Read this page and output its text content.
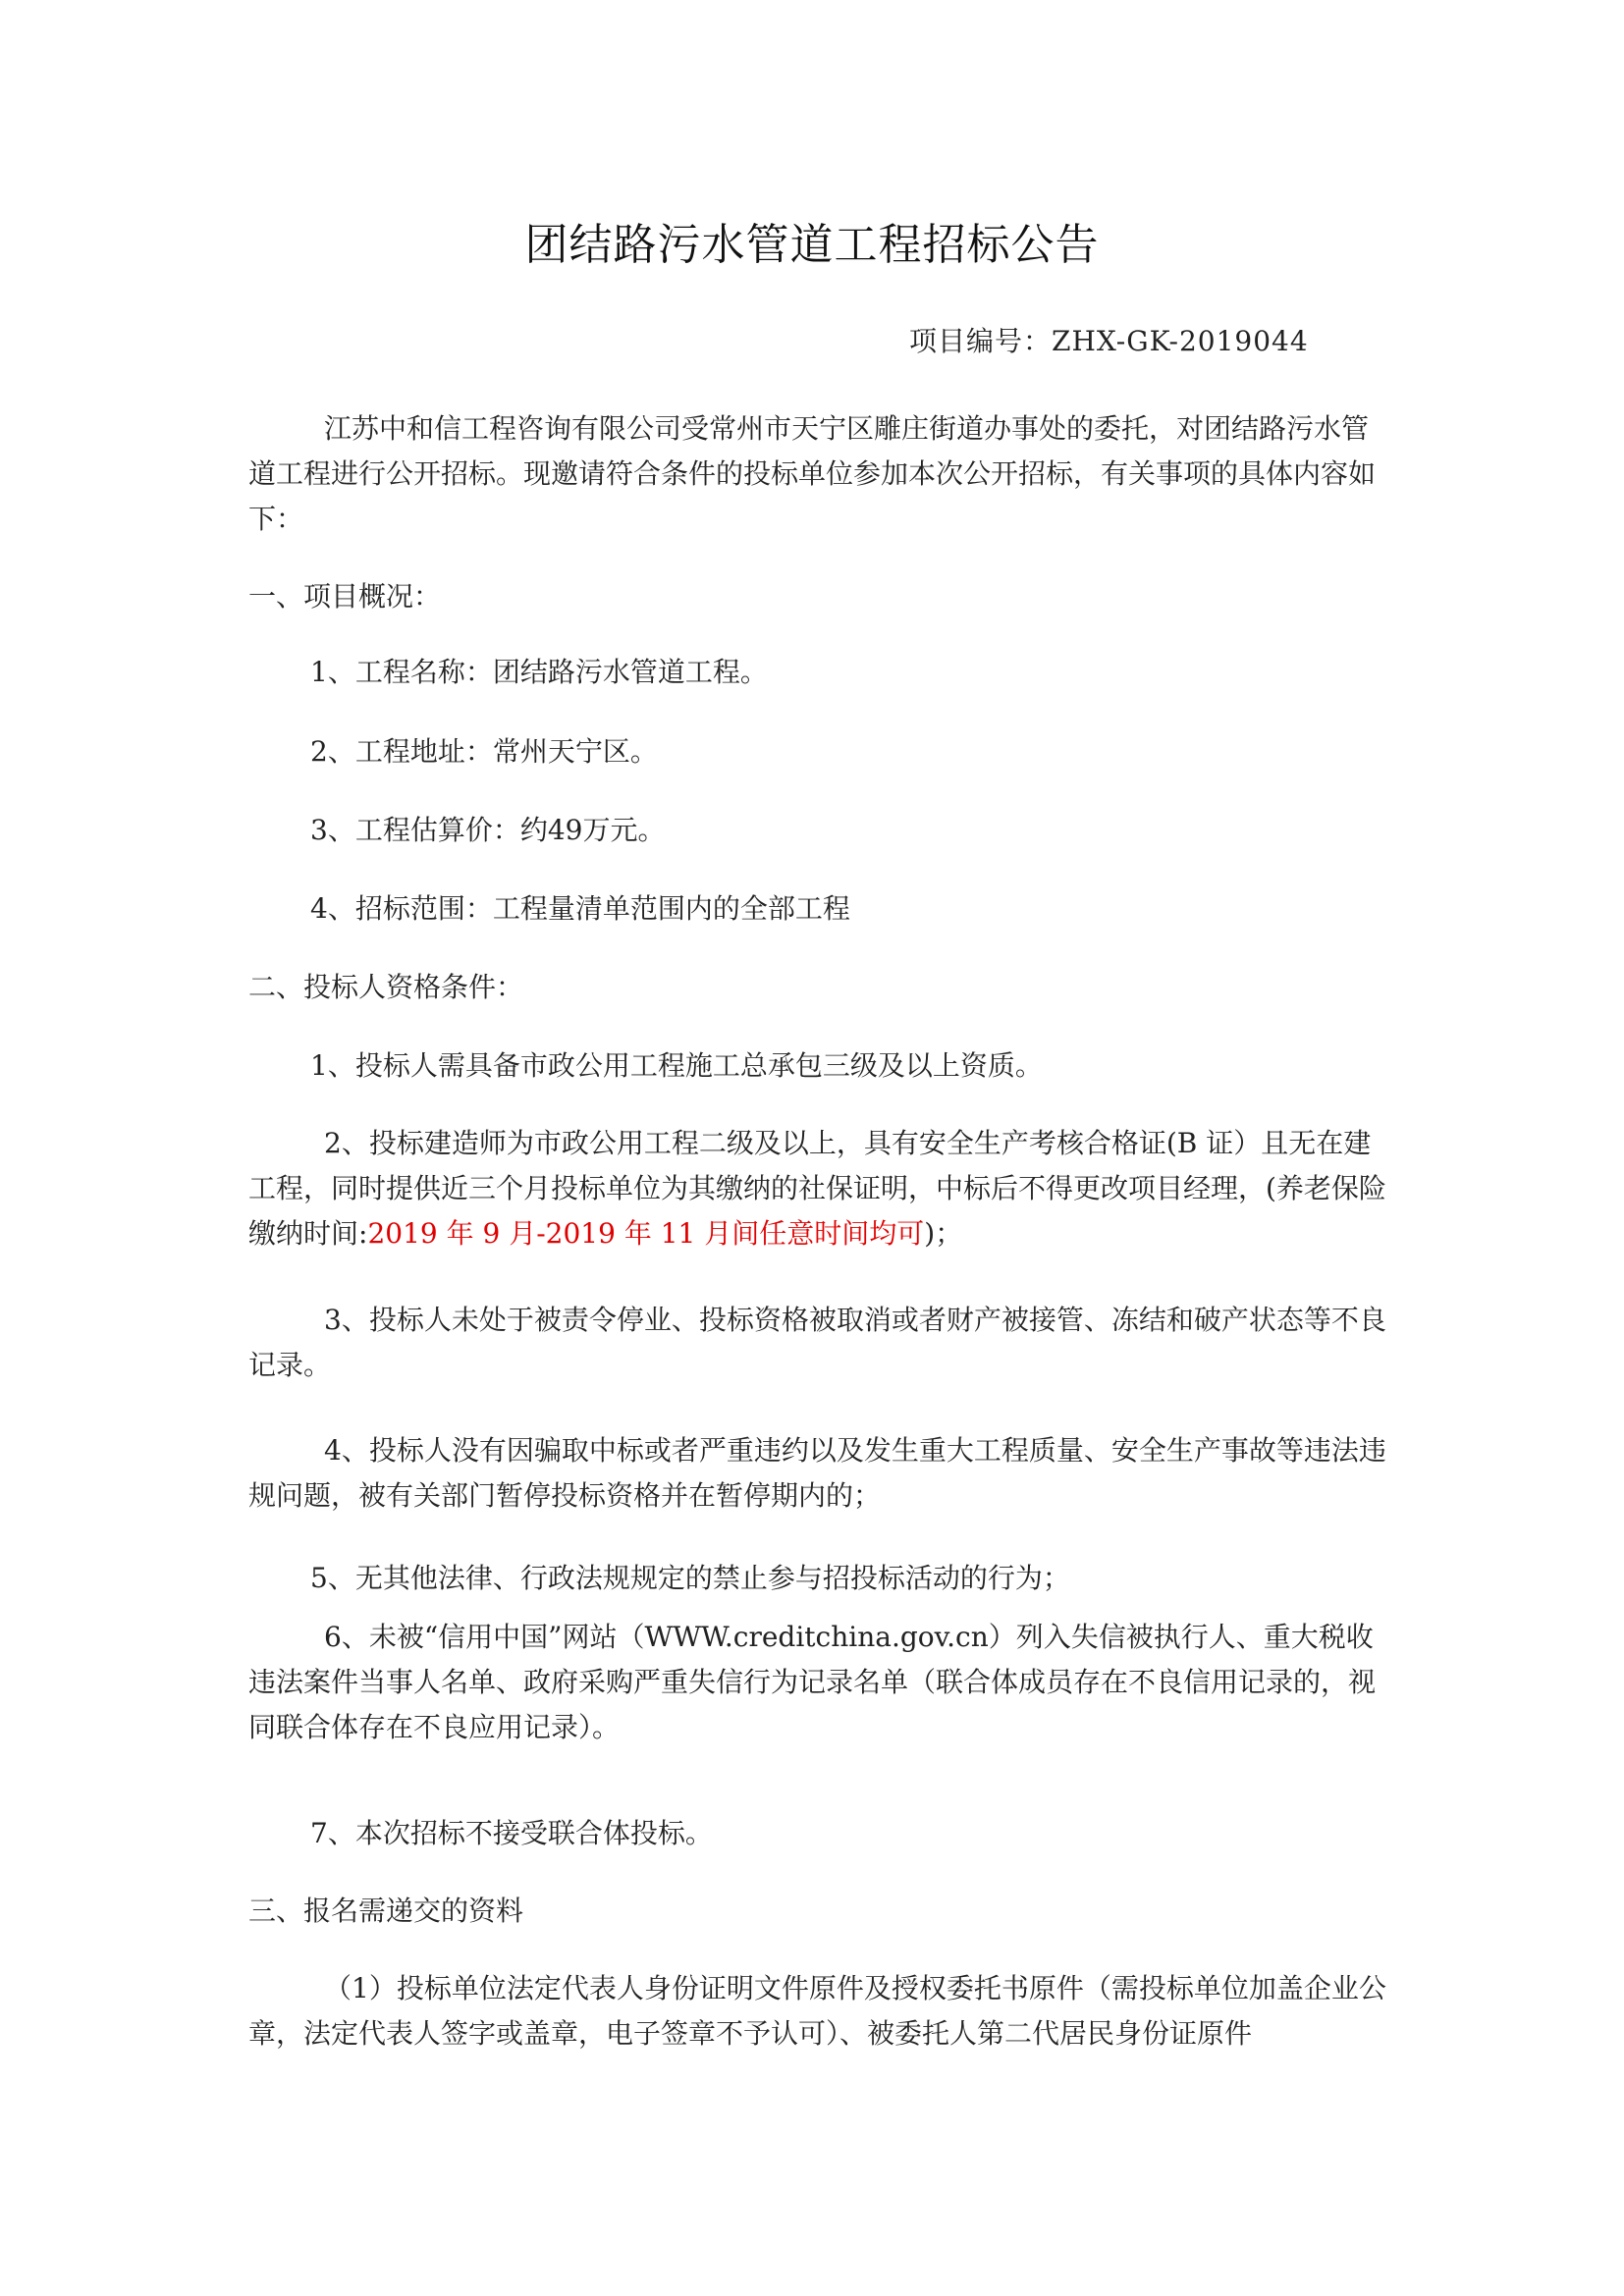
团结路污水管道工程招标公告
项目编号：ZHX-GK-2019044
江苏中和信工程咨询有限公司受常州市天宁区雕庄街道办事处的委托，对团结路污水管道工程进行公开招标。现邀请符合条件的投标单位参加本次公开招标，有关事项的具体内容如下：
一、项目概况：
1、工程名称：团结路污水管道工程。
2、工程地址：常州天宁区。
3、工程估算价：约49万元。
4、招标范围：工程量清单范围内的全部工程
二、投标人资格条件：
1、投标人需具备市政公用工程施工总承包三级及以上资质。
2、投标建造师为市政公用工程二级及以上，具有安全生产考核合格证(B 证）且无在建工程，同时提供近三个月投标单位为其缴纳的社保证明，中标后不得更改项目经理，(养老保险缴纳时间:2019 年 9 月-2019 年 11 月间任意时间均可)；
3、投标人未处于被责令停业、投标资格被取消或者财产被接管、冻结和破产状态等不良记录。
4、投标人没有因骗取中标或者严重违约以及发生重大工程质量、安全生产事故等违法违规问题，被有关部门暂停投标资格并在暂停期内的；
5、无其他法律、行政法规规定的禁止参与招投标活动的行为；
6、未被“信用中国”网站（WWW.creditchina.gov.cn）列入失信被执行人、重大税收违法案件当事人名单、政府采购严重失信行为记录名单（联合体成员存在不良信用记录的，视同联合体存在不良应用记录）。
7、本次招标不接受联合体投标。
三、报名需递交的资料
（1）投标单位法定代表人身份证明文件原件及授权委托书原件（需投标单位加盖企业公章，法定代表人签字或盖章，电子签章不予认可）、被委托人第二代居民身份证原件
